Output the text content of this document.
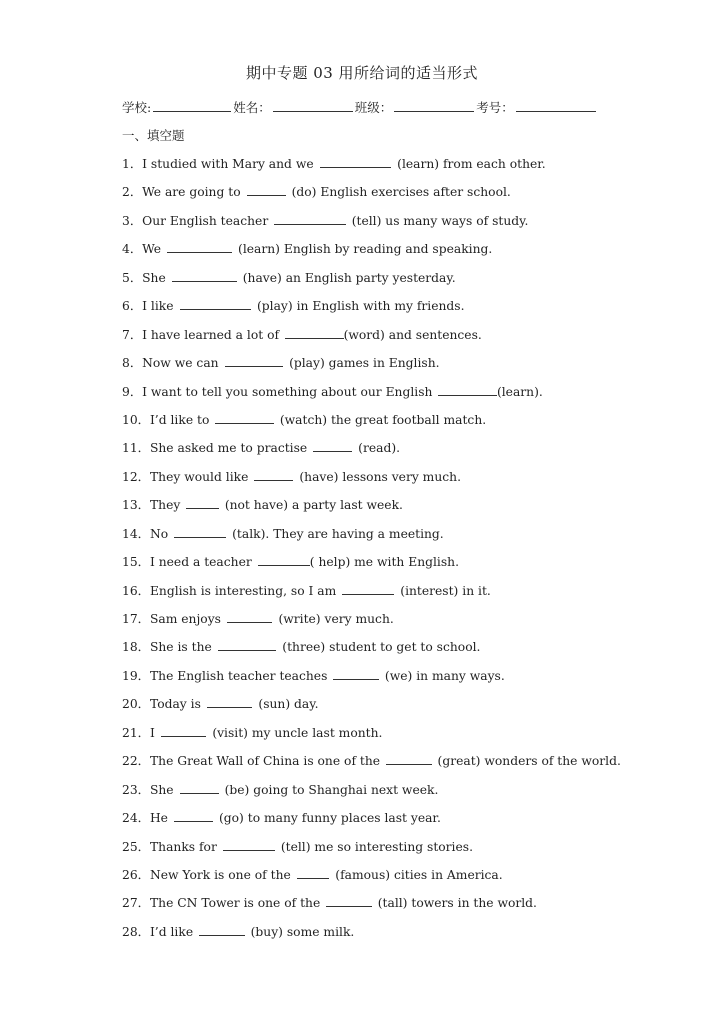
期中专题 03 用所给词的适当形式
学校:	姓名：	班级：	考号：
一、填空题
1．I studied with Mary and we	(learn) from each other.
2．We are going to	(do) English exercises after school.
3．Our English teacher	(tell) us many ways of study.
4．We	(learn) English by reading and speaking.
5．She	(have) an English party yesterday.
6．I like	(play) in English with my friends.
7．I have learned a lot of	(word) and sentences.
8．Now we can	(play) games in English.
9．I want to tell you something about our English	(learn).
10．I’d like to	(watch) the great football match.
11．She asked me to practise	(read).
12．They would like	(have) lessons very much.
13．They	(not have) a party last week.
14．No	(talk). They are having a meeting.
15．I need a teacher	( help) me with English.
16．English is interesting, so I am	(interest) in it.
17．Sam enjoys	(write) very much.
18．She is the	(three) student to get to school.
19．The English teacher teaches	(we) in many ways.
20．Today is	(sun) day.
21．I	(visit) my uncle last month.
22．The Great Wall of China is one of the	(great) wonders of the world.
23．She	(be) going to Shanghai next week.
24．He	(go) to many funny places last year.
25．Thanks for	(tell) me so interesting stories.
26．New York is one of the	(famous) cities in America.
27．The CN Tower is one of the	(tall) towers in the world.
28．I’d like	(buy) some milk.
